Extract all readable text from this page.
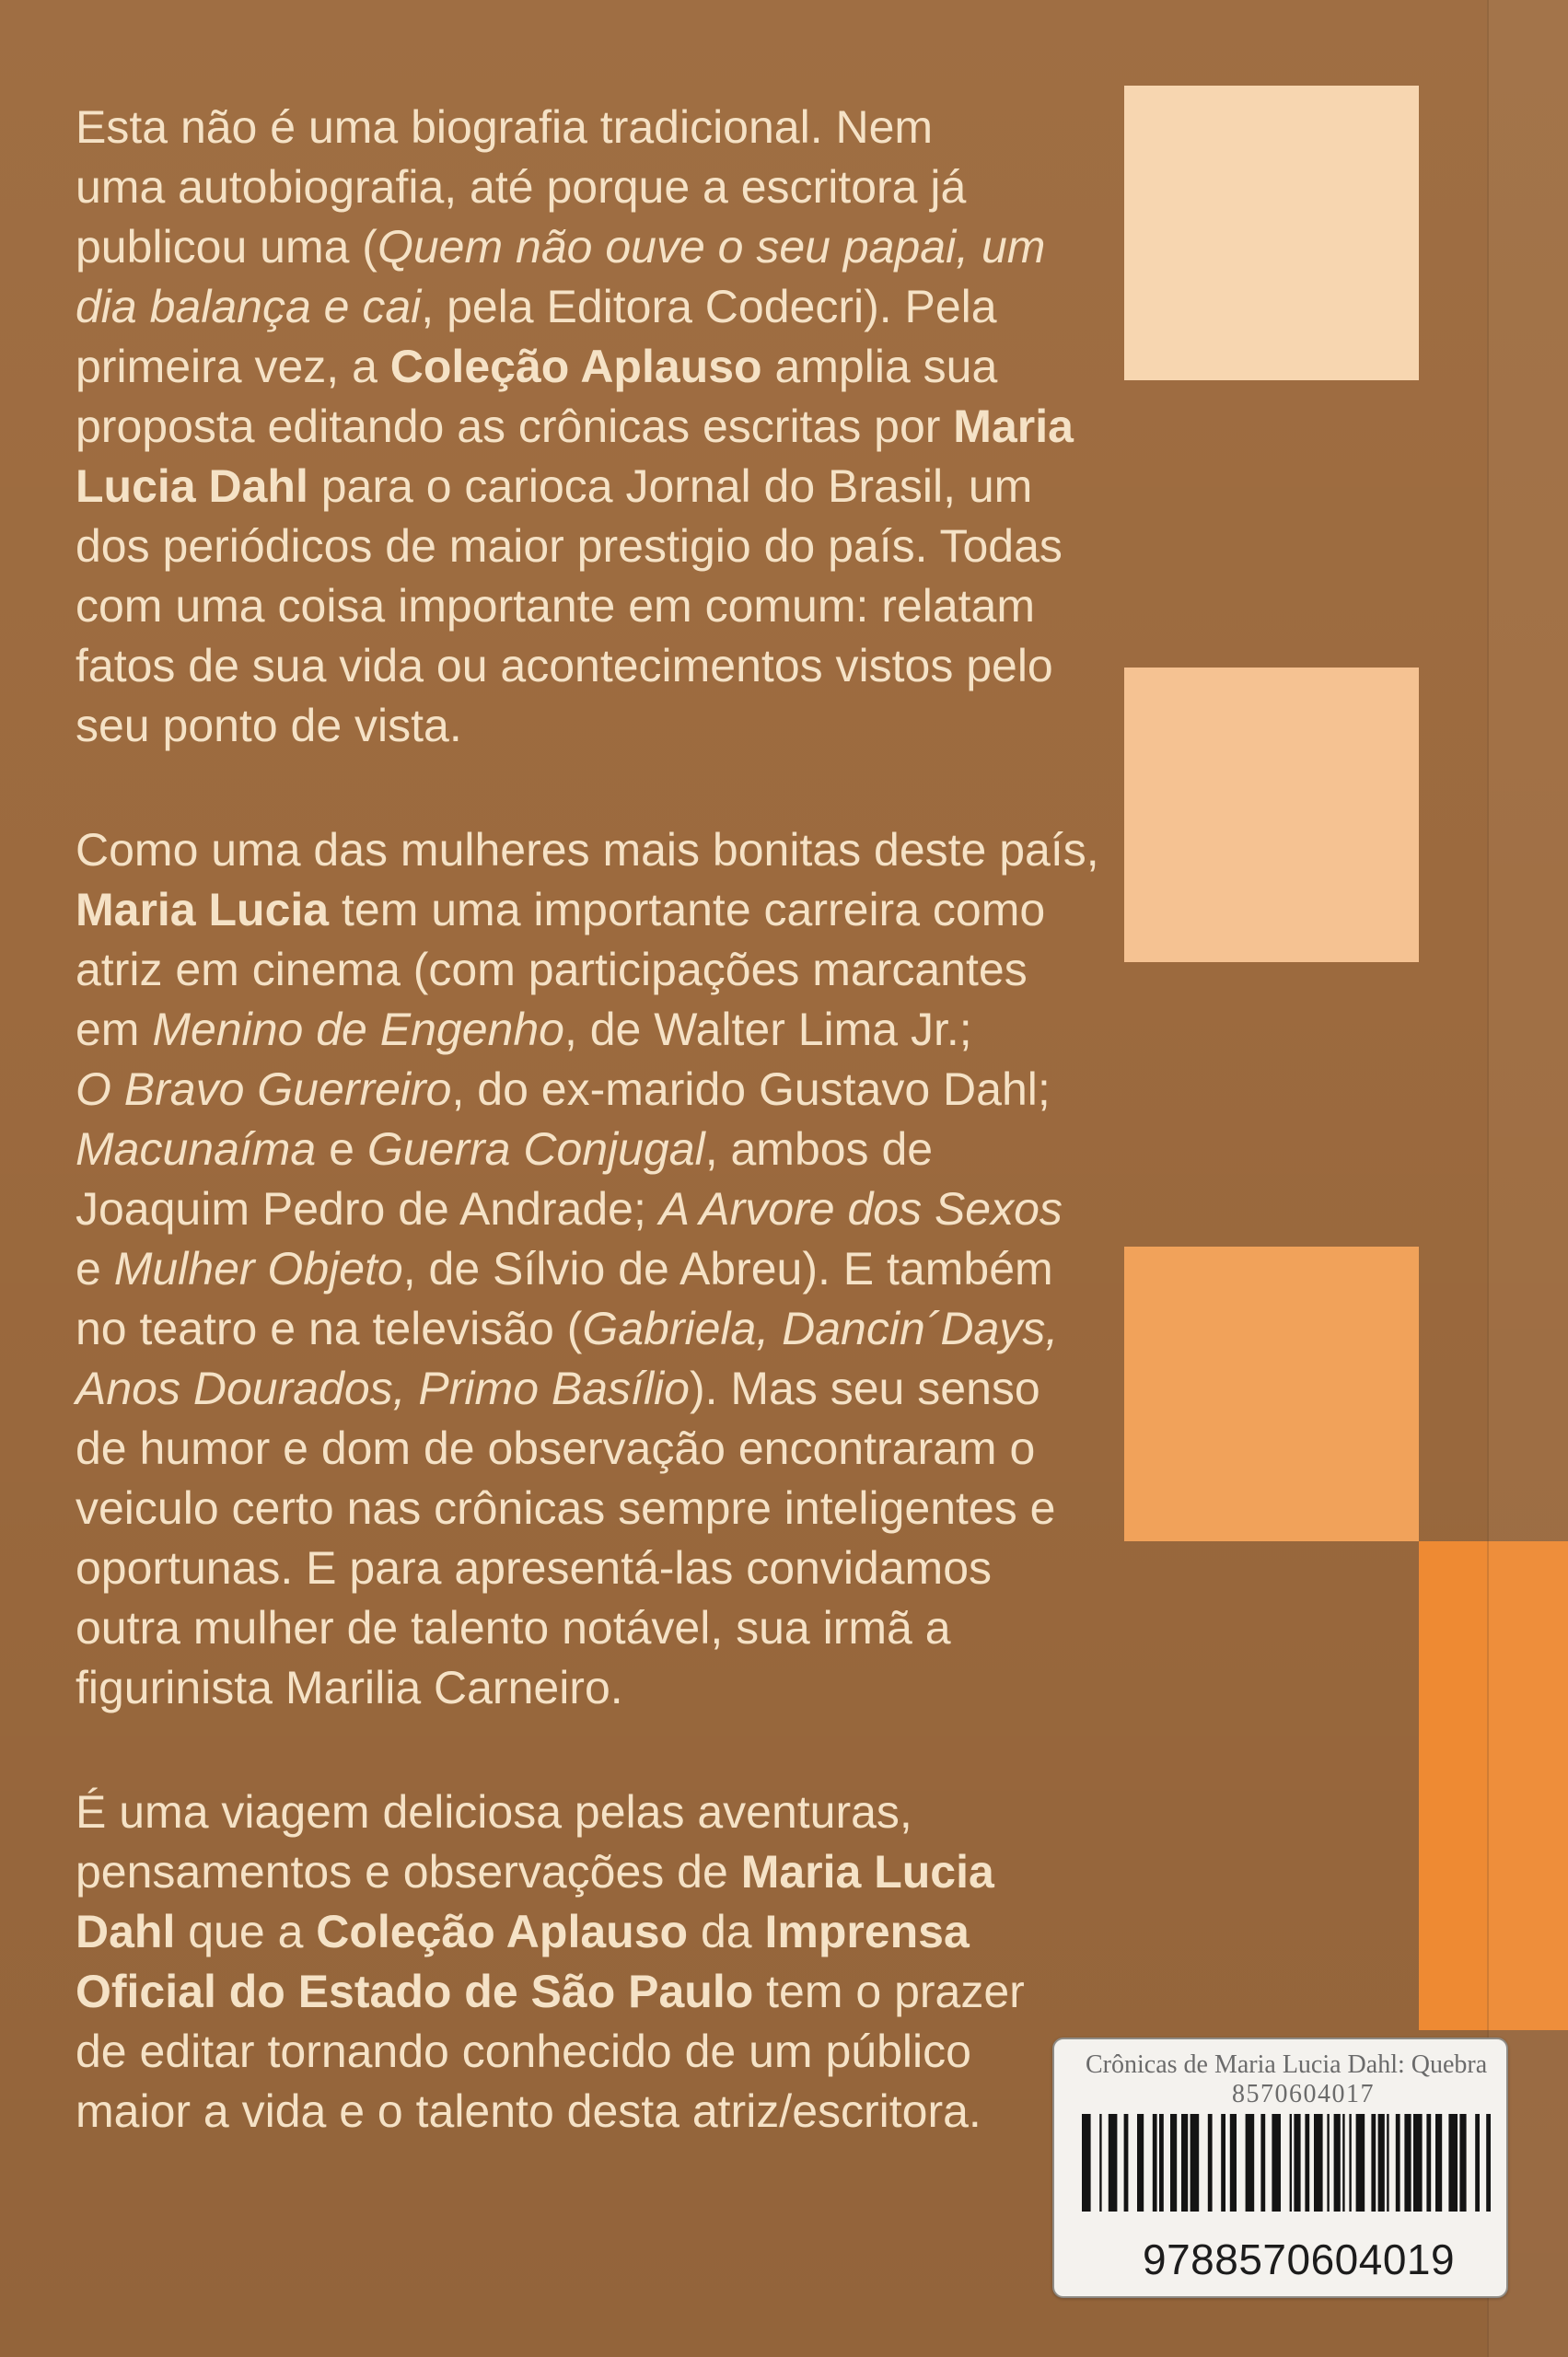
Esta não é uma biografia tradicional. Nem
uma autobiografia, até porque a escritora já
publicou uma (Quem não ouve o seu papai, um
dia balança e cai, pela Editora Codecri). Pela
primeira vez, a Coleção Aplauso amplia sua
proposta editando as crônicas escritas por Maria
Lucia Dahl para o carioca Jornal do Brasil, um
dos periódicos de maior prestigio do país. Todas
com uma coisa importante em comum: relatam
fatos de sua vida ou acontecimentos vistos pelo
seu ponto de vista.
Como uma das mulheres mais bonitas deste país,
Maria Lucia tem uma importante carreira como
atriz em cinema (com participações marcantes
em Menino de Engenho, de Walter Lima Jr.;
O Bravo Guerreiro, do ex-marido Gustavo Dahl;
Macunaíma e Guerra Conjugal, ambos de
Joaquim Pedro de Andrade; A Arvore dos Sexos
e Mulher Objeto, de Sílvio de Abreu). E também
no teatro e na televisão (Gabriela, Dancin´Days,
Anos Dourados, Primo Basílio). Mas seu senso
de humor e dom de observação encontraram o
veiculo certo nas crônicas sempre inteligentes e
oportunas. E para apresentá-las convidamos
outra mulher de talento notável, sua irmã a
figurinista Marilia Carneiro.
É uma viagem deliciosa pelas aventuras,
pensamentos e observações de Maria Lucia
Dahl que a Coleção Aplauso da Imprensa
Oficial do Estado de São Paulo tem o prazer
de editar tornando conhecido de um público
maior a vida e o talento desta atriz/escritora.
Crônicas de Maria Lucia Dahl: Quebra
8570604017
9788570604019
